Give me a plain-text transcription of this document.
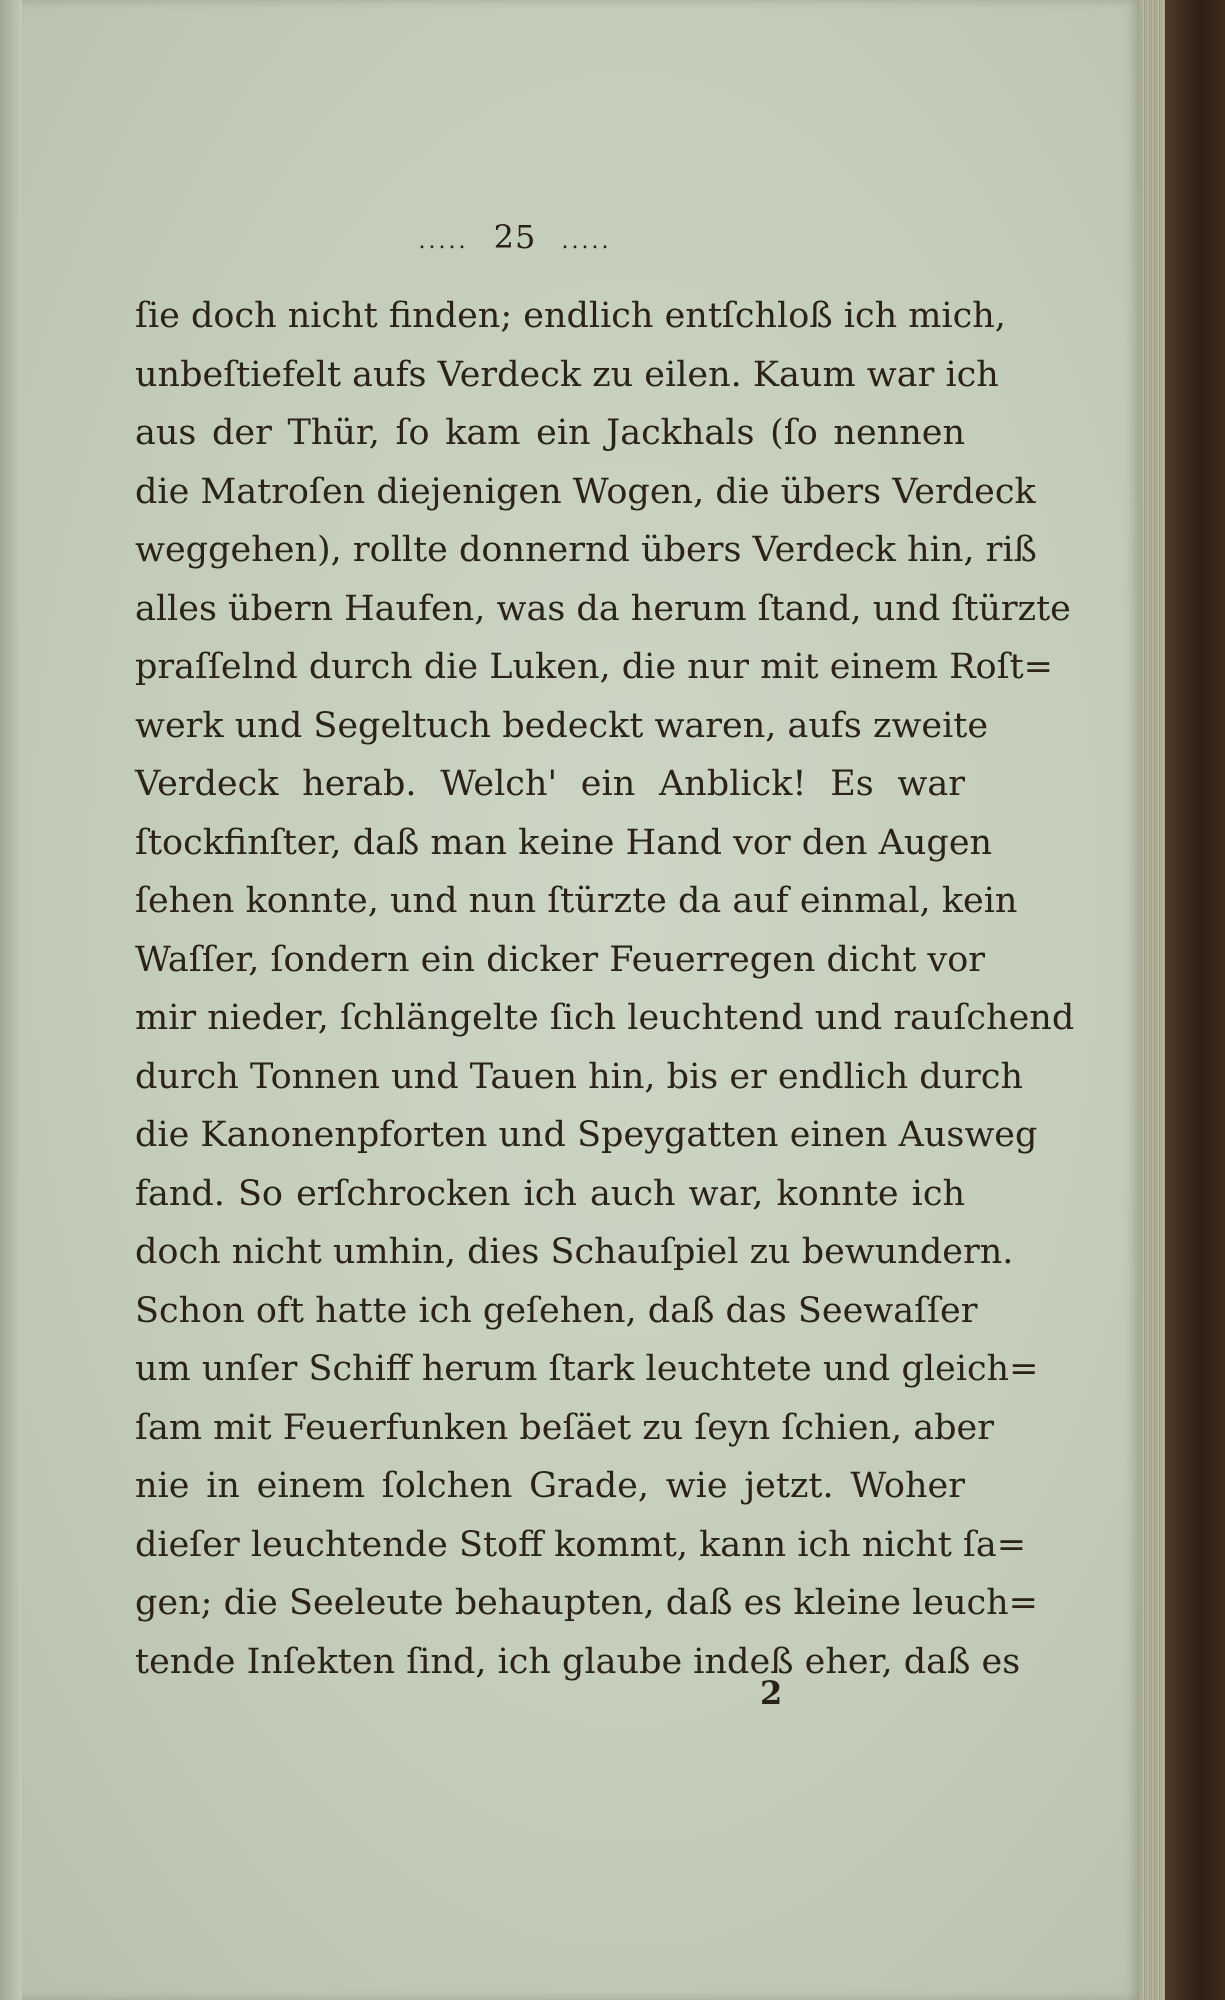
..... 25 .....
ſie doch nicht finden; endlich entſchloß ich mich,
unbeſtiefelt aufs Verdeck zu eilen. Kaum war ich
aus der Thür, ſo kam ein Jackhals (ſo nennen
die Matroſen diejenigen Wogen, die übers Verdeck
weggehen), rollte donnernd übers Verdeck hin, riß
alles übern Haufen, was da herum ſtand, und ſtürzte
praſſelnd durch die Luken, die nur mit einem Roſt=
werk und Segeltuch bedeckt waren, aufs zweite
Verdeck herab. Welch' ein Anblick! Es war
ſtockfinſter, daß man keine Hand vor den Augen
ſehen konnte, und nun ſtürzte da auf einmal, kein
Waſſer, ſondern ein dicker Feuerregen dicht vor
mir nieder, ſchlängelte ſich leuchtend und rauſchend
durch Tonnen und Tauen hin, bis er endlich durch
die Kanonenpforten und Speygatten einen Ausweg
fand. So erſchrocken ich auch war, konnte ich
doch nicht umhin, dies Schauſpiel zu bewundern.
Schon oft hatte ich geſehen, daß das Seewaſſer
um unſer Schiff herum ſtark leuchtete und gleich=
ſam mit Feuerfunken beſäet zu ſeyn ſchien, aber
nie in einem ſolchen Grade, wie jetzt. Woher
dieſer leuchtende Stoff kommt, kann ich nicht ſa=
gen; die Seeleute behaupten, daß es kleine leuch=
tende Inſekten ſind, ich glaube indeß eher, daß es
2
